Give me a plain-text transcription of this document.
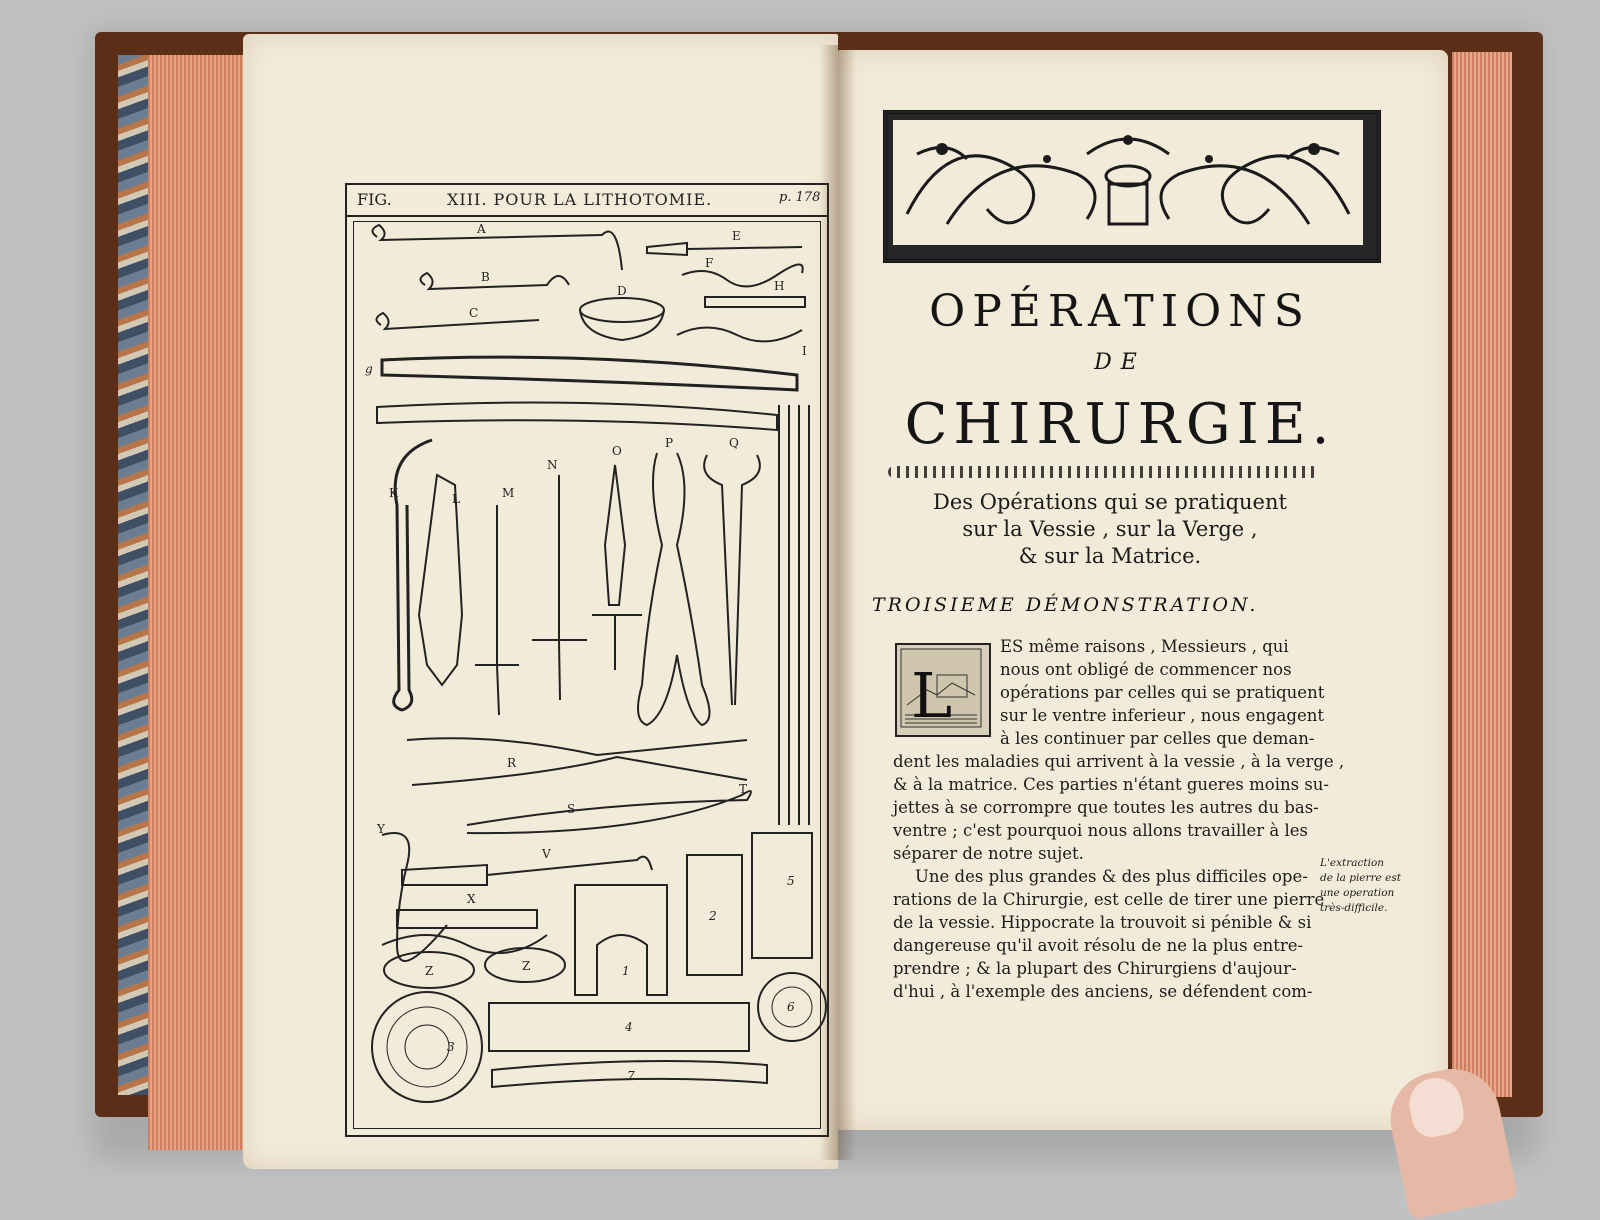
FIG.	XIII. POUR LA LITHOTOMIE.	p. 178
A
B
C
D
E
F
H
I
g
K	L	M
N
O
P	Q
R
S
T
V
X
Y
Z	Z	1
2
3
4
5
6
7
OPÉRATIONS
DE
CHIRURGIE.
Des Opérations qui se pratiquent
sur la Vessie , sur la Verge ,
& sur la Matrice.
TROISIEME DÉMONSTRATION.
L
ES même raisons , Messieurs , qui
nous ont obligé de commencer nos
opérations par celles qui se pratiquent
sur le ventre inferieur , nous engagent
à les continuer par celles que deman-
dent les maladies qui arrivent à la vessie , à la verge ,
& à la matrice. Ces parties n'étant gueres moins su-
jettes à se corrompre que toutes les autres du bas-
ventre ; c'est pourquoi nous allons travailler à les
séparer de notre sujet.
Une des plus grandes & des plus difficiles ope-
rations de la Chirurgie, est celle de tirer une pierre
de la vessie. Hippocrate la trouvoit si pénible & si
dangereuse qu'il avoit résolu de ne la plus entre-
prendre ; & la plupart des Chirurgiens d'aujour-
d'hui , à l'exemple des anciens, se défendent com-
L'extraction
de la pierre est
une operation
très-difficile.
